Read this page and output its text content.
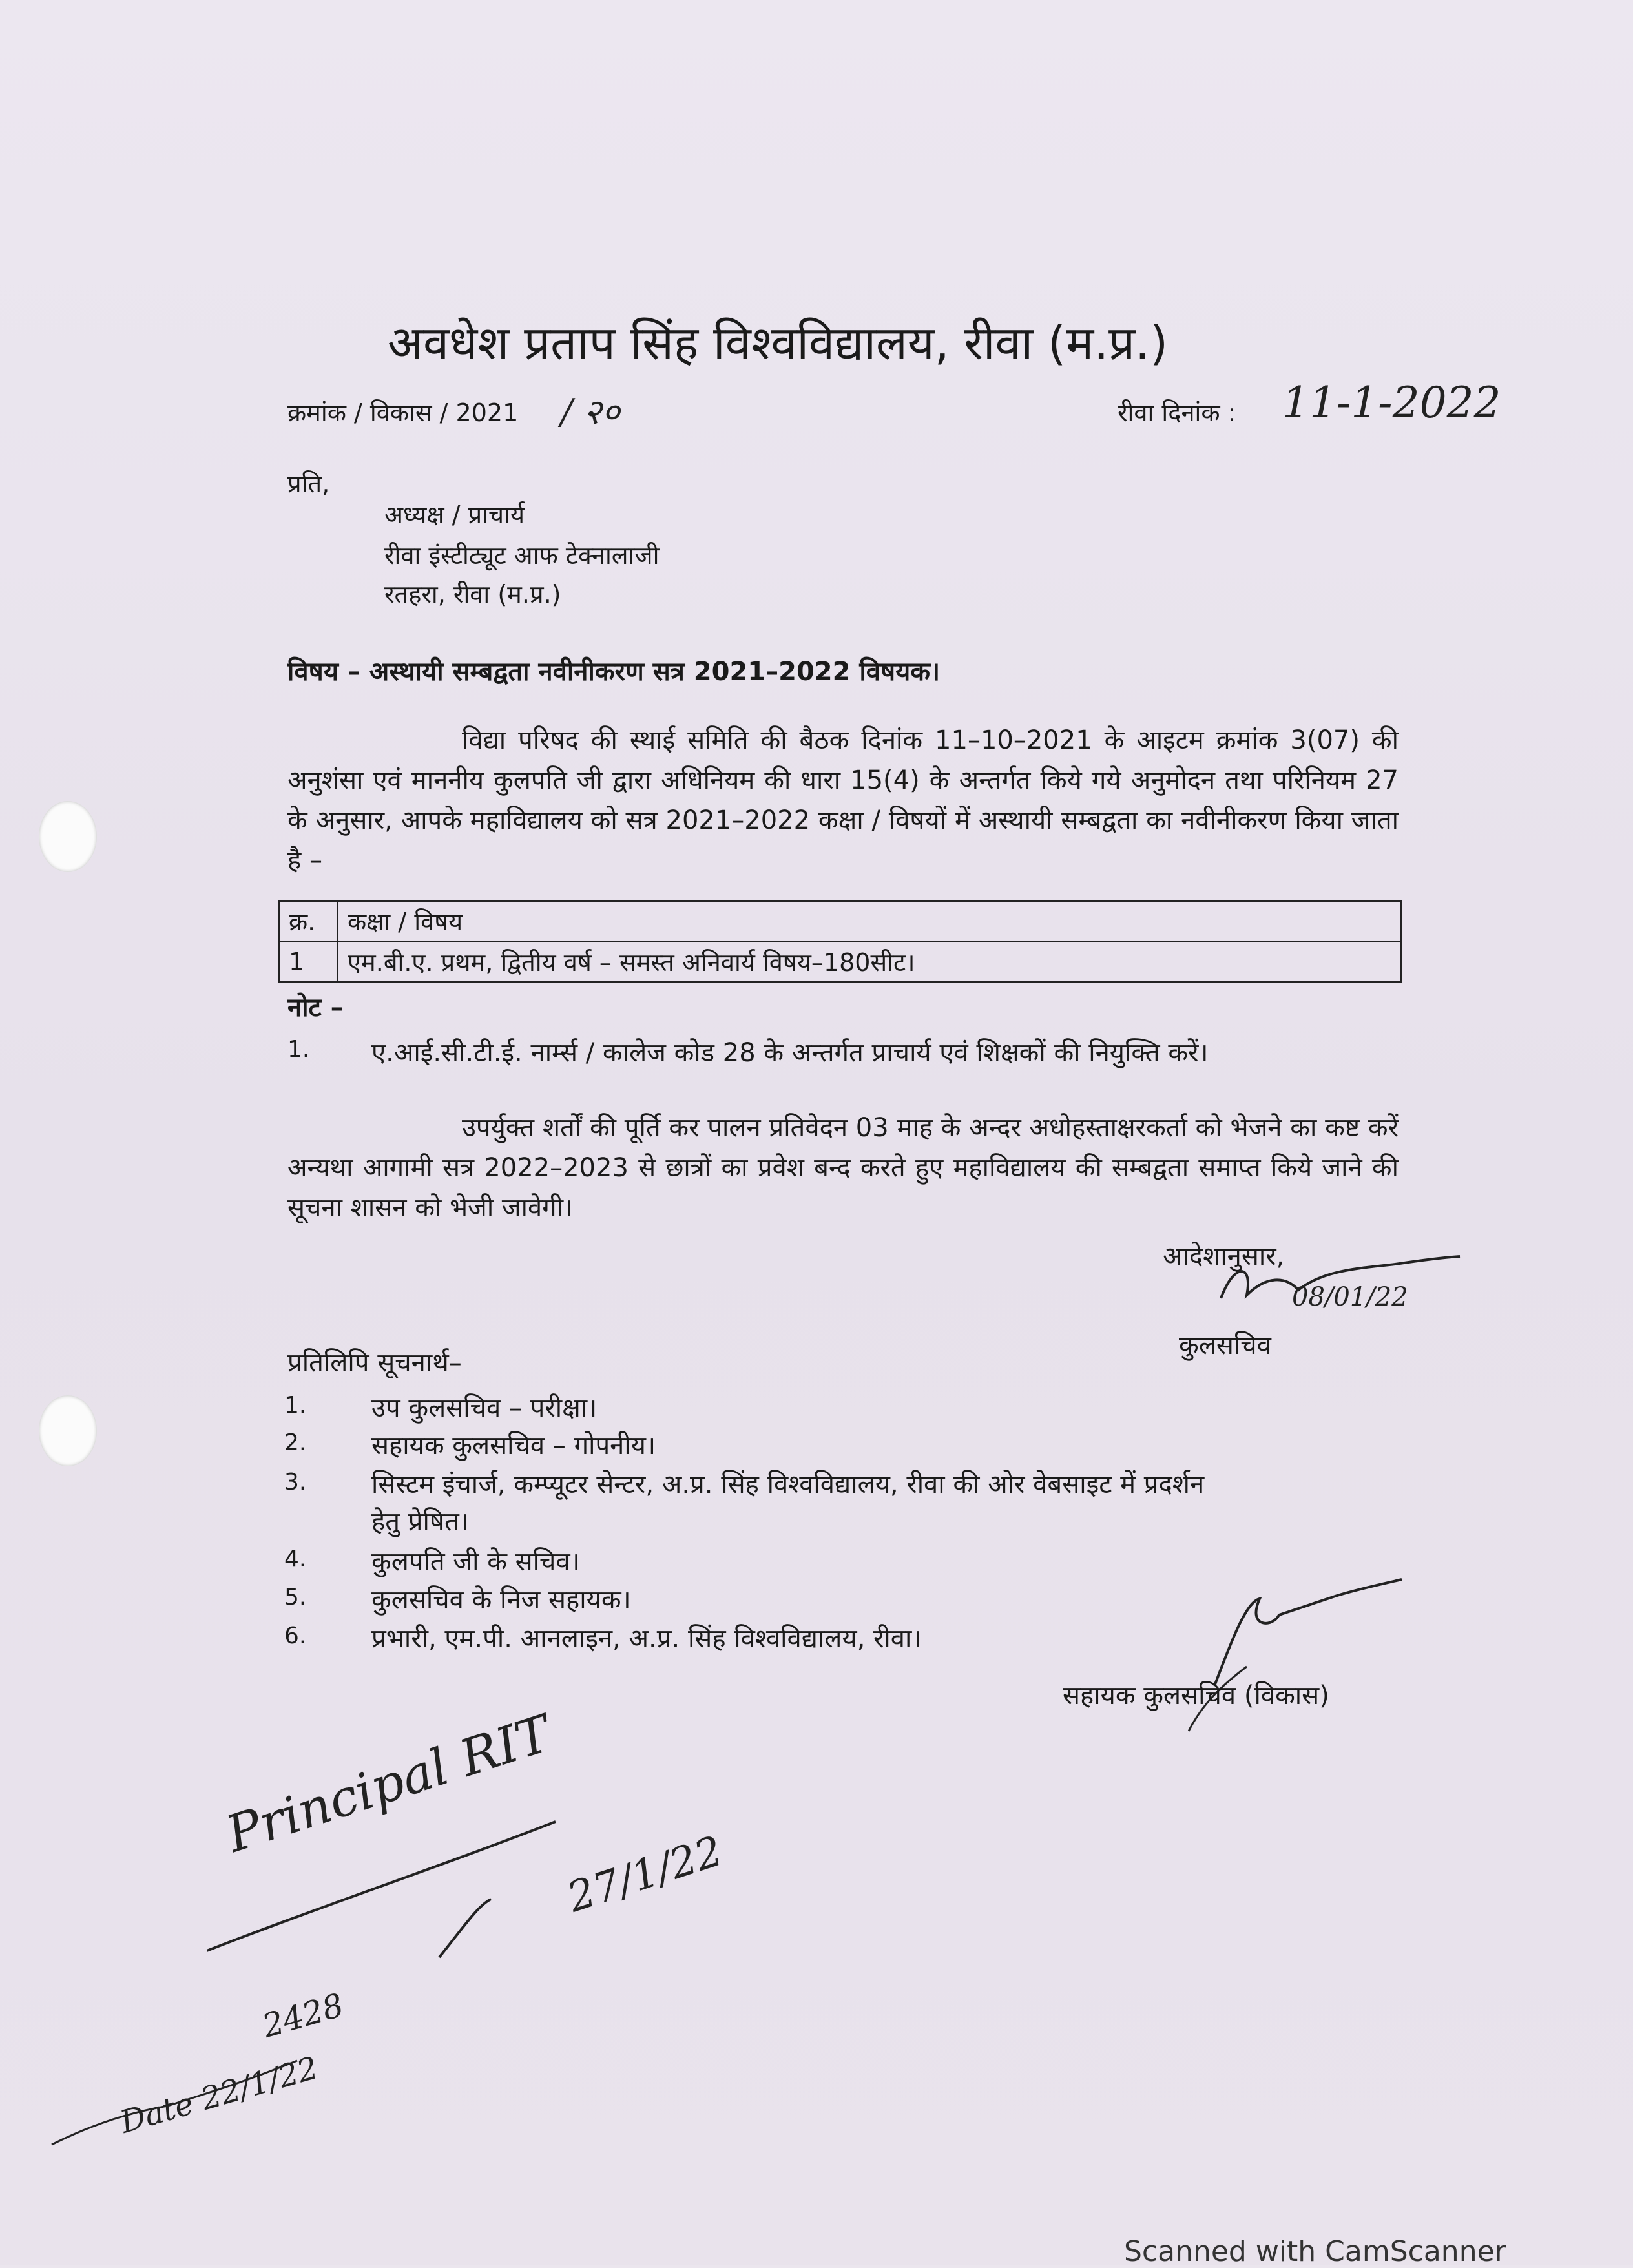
अवधेश प्रताप सिंह विश्वविद्यालय, रीवा (म.प्र.)
क्रमांक / विकास / 2021 / २०	रीवा दिनांक : 11-1-2022
प्रति,
अध्यक्ष / प्राचार्य
रीवा इंस्टीट्यूट आफ टेक्नालाजी
रतहरा, रीवा (म.प्र.)
विषय – अस्थायी सम्बद्वता नवीनीकरण सत्र 2021–2022 विषयक।
विद्या परिषद की स्थाई समिति की बैठक दिनांक 11–10–2021 के आइटम क्रमांक 3(07) की अनुशंसा एवं माननीय कुलपति जी द्वारा अधिनियम की धारा 15(4) के अन्तर्गत किये गये अनुमोदन तथा परिनियम 27 के अनुसार, आपके महाविद्यालय को सत्र 2021–2022 कक्षा / विषयों में अस्थायी सम्बद्वता का नवीनीकरण किया जाता है –
क्र.	कक्षा / विषय
1	एम.बी.ए. प्रथम, द्वितीय वर्ष – समस्त अनिवार्य विषय–180सीट।
नोट –
1. ए.आई.सी.टी.ई. नार्म्स / कालेज कोड 28 के अन्तर्गत प्राचार्य एवं शिक्षकों की नियुक्ति करें।
उपर्युक्त शर्तों की पूर्ति कर पालन प्रतिवेदन 03 माह के अन्दर अधोहस्ताक्षरकर्ता को भेजने का कष्ट करें अन्यथा आगामी सत्र 2022–2023 से छात्रों का प्रवेश बन्द करते हुए महाविद्यालय की सम्बद्वता समाप्त किये जाने की सूचना शासन को भेजी जावेगी।
आदेशानुसार,
08/01/22
कुलसचिव
प्रतिलिपि सूचनार्थ–
1.	उप कुलसचिव – परीक्षा।
2.	सहायक कुलसचिव – गोपनीय।
3.	सिस्टम इंचार्ज, कम्प्यूटर सेन्टर, अ.प्र. सिंह विश्वविद्यालय, रीवा की ओर वेबसाइट में प्रदर्शन
हेतु प्रेषित।
4.	कुलपति जी के सचिव।
5.	कुलसचिव के निज सहायक।
6.	प्रभारी, एम.पी. आनलाइन, अ.प्र. सिंह विश्वविद्यालय, रीवा।
सहायक कुलसचिव (विकास)
Principal RIT
27/1/22
2428
Date 22/1/22
Scanned with CamScanner
